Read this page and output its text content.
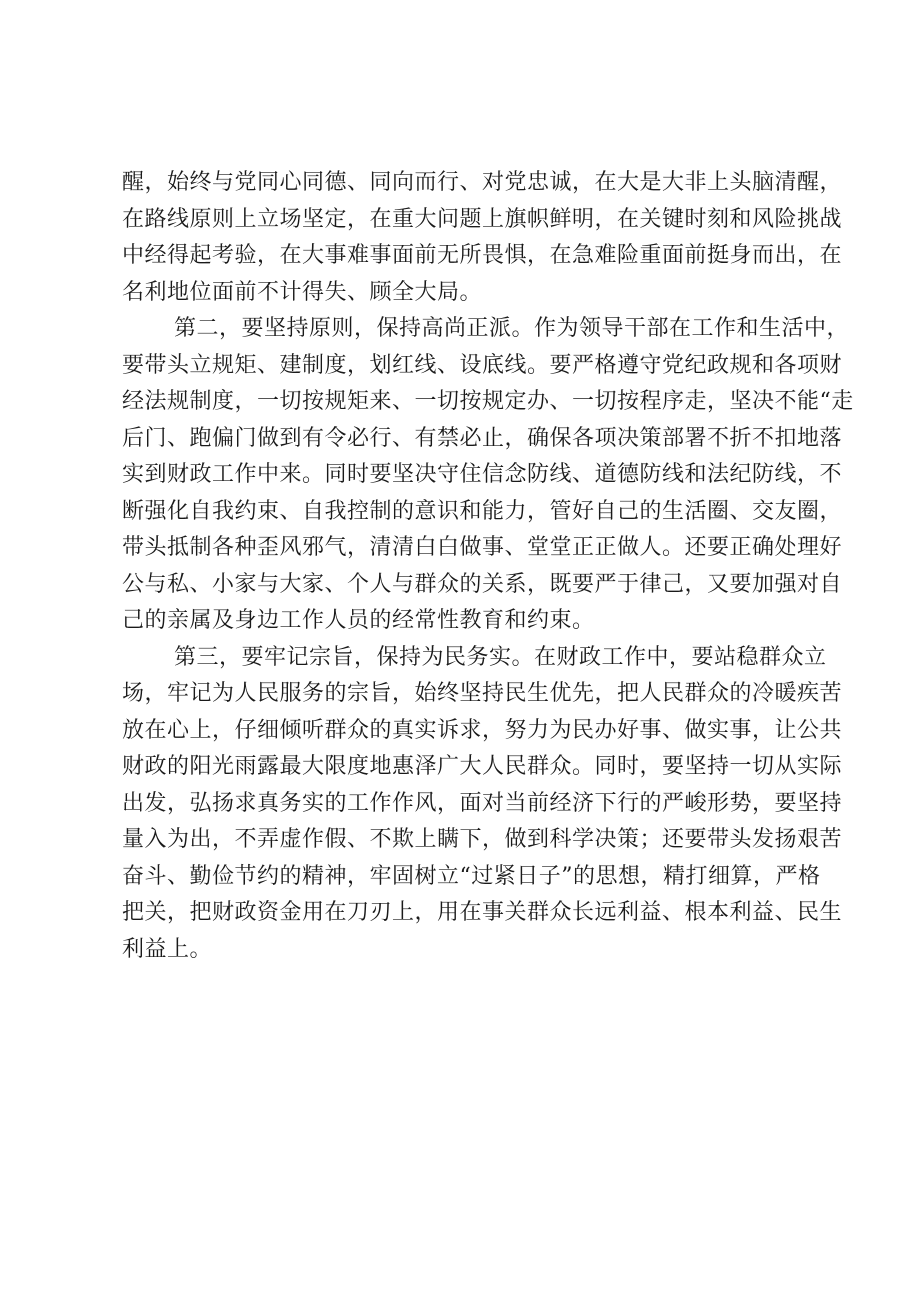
醒，始终与党同心同德、同向而行、对党忠诚，在大是大非上头脑清醒，
在路线原则上立场坚定，在重大问题上旗帜鲜明，在关键时刻和风险挑战
中经得起考验，在大事难事面前无所畏惧，在急难险重面前挺身而出，在
名利地位面前不计得失、顾全大局。
第二，要坚持原则，保持高尚正派。作为领导干部在工作和生活中，
要带头立规矩、建制度，划红线、设底线。要严格遵守党纪政规和各项财
经法规制度，一切按规矩来、一切按规定办、一切按程序走，坚决不能“走
后门、跑偏门做到有令必行、有禁必止，确保各项决策部署不折不扣地落
实到财政工作中来。同时要坚决守住信念防线、道德防线和法纪防线，不
断强化自我约束、自我控制的意识和能力，管好自己的生活圈、交友圈，
带头抵制各种歪风邪气，清清白白做事、堂堂正正做人。还要正确处理好
公与私、小家与大家、个人与群众的关系，既要严于律己，又要加强对自
己的亲属及身边工作人员的经常性教育和约束。
第三，要牢记宗旨，保持为民务实。在财政工作中，要站稳群众立
场，牢记为人民服务的宗旨，始终坚持民生优先，把人民群众的冷暖疾苦
放在心上，仔细倾听群众的真实诉求，努力为民办好事、做实事，让公共
财政的阳光雨露最大限度地惠泽广大人民群众。同时，要坚持一切从实际
出发，弘扬求真务实的工作作风，面对当前经济下行的严峻形势，要坚持
量入为出，不弄虚作假、不欺上瞒下，做到科学决策；还要带头发扬艰苦
奋斗、勤俭节约的精神，牢固树立“过紧日子”的思想，精打细算，严格
把关，把财政资金用在刀刃上，用在事关群众长远利益、根本利益、民生
利益上。
